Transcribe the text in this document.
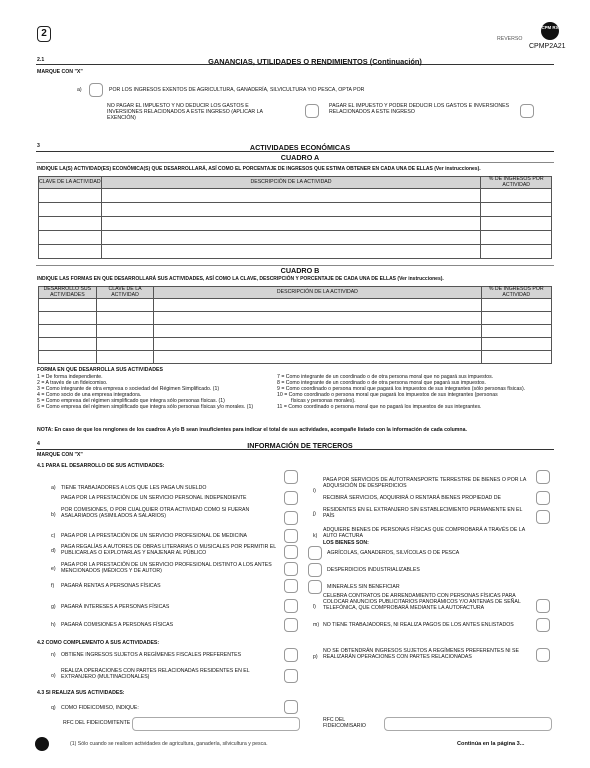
2	REVERSO
CPMP2A21
CPM RX
2.1	GANANCIAS, UTILIDADES O RENDIMIENTOS (Continuación)
MARQUE CON "X"
a)	POR LOS INGRESOS EXENTOS DE AGRICULTURA, GANADERÍA, SILVICULTURA Y/O PESCA, OPTA POR
NO PAGAR EL IMPUESTO Y NO DEDUCIR LOS GASTOS E INVERSIONES RELACIONADOS A ESTE INGRESO (APLICAR LA EXENCIÓN)
PAGAR EL IMPUESTO Y PODER DEDUCIR LOS GASTOS E INVERSIONES RELACIONADOS A ESTE INGRESO
3	ACTIVIDADES ECONÓMICAS
CUADRO A
INDIQUE LA(S) ACTIVIDAD(ES) ECONÓMICA(S) QUE DESARROLLARÁ, ASÍ COMO EL PORCENTAJE DE INGRESOS QUE ESTIMA OBTENER EN CADA UNA DE ELLAS (Ver instrucciones).
CLAVE DE LA ACTIVIDAD	DESCRIPCIÓN DE LA ACTIVIDAD	% DE INGRESOS POR ACTIVIDAD

CUADRO B
INDIQUE LAS FORMAS EN QUE DESARROLLARÁ SUS ACTIVIDADES, ASÍ COMO LA CLAVE, DESCRIPCIÓN Y PORCENTAJE DE CADA UNA DE ELLAS (Ver instrucciones).
DESARROLLO SUS ACTIVIDADES	CLAVE DE LA ACTIVIDAD	DESCRIPCIÓN DE LA ACTIVIDAD	% DE INGRESOS POR ACTIVIDAD

FORMA EN QUE DESARROLLA SUS ACTIVIDADES
1 = De forma independiente.
2 = A través de un fideicomiso.
3 = Como integrante de otra empresa o sociedad del Régimen Simplificado. (1)
4 = Como socio de una empresa integradora.
5 = Como empresa del régimen simplificado que integra sólo personas físicas. (1)
6 = Como empresa del régimen simplificado que integra sólo personas físicas y/o morales. (1)
7 = Como integrante de un coordinado o de otra persona moral que no pagará sus impuestos.
8 = Como integrante de un coordinado o de otra persona moral que pagará sus impuestos.
9 = Como coordinado o persona moral que pagará los impuestos de sus integrantes (sólo personas físicas).
10 = Como coordinado o persona moral que pagará los impuestos de sus integrantes (personas
físicas y personas morales).
11 = Como coordinado o persona moral que no pagará los impuestos de sus integrantes.
NOTA: En caso de que los renglones de los cuadros A y/o B sean insuficientes para indicar el total de sus actividades, acompañe listado con la información de cada columna.
4	INFORMACIÓN DE TERCEROS
MARQUE CON "X"
4.1 PARA EL DESARROLLO DE SUS ACTIVIDADES:
a) TIENE TRABAJADORES A LOS QUE LES PAGA UN SUELDO
PAGA POR LA PRESTACIÓN DE UN SERVICIO PERSONAL INDEPENDIENTE
b)
POR COMISIONES, O POR CUALQUIER OTRA ACTIVIDAD COMO SI FUERAN ASALARIADOS (ASIMILADOS A SALARIOS)
c) PAGA POR LA PRESTACIÓN DE UN SERVICIO PROFESIONAL DE MEDICINA
d)
PAGA REGALÍAS A AUTORES DE OBRAS LITERARIAS O MUSICALES POR PERMITIR EL PUBLICARLAS O EXPLOTARLAS Y ENAJENAR AL PÚBLICO
e)
PAGA POR LA PRESTACIÓN DE UN SERVICIO PROFESIONAL DISTINTO A LOS ANTES MENCIONADOS (MÉDICOS Y DE AUTOR)
f) PAGARÁ RENTAS A PERSONAS FÍSICAS
g) PAGARÁ INTERESES A PERSONAS FÍSICAS
h) PAGARÁ COMISIONES A PERSONAS FÍSICAS
i)
PAGA POR SERVICIOS DE AUTOTRANSPORTE TERRESTRE DE BIENES O POR LA ADQUISICIÓN DE DESPERDICIOS
RECIBIRÁ SERVICIOS, ADQUIRIRÁ O RENTARÁ BIENES PROPIEDAD DE
j)
RESIDENTES EN EL EXTRANJERO SIN ESTABLECIMIENTO PERMANENTE EN EL PAÍS
k)
ADQUIERE BIENES DE PERSONAS FÍSICAS QUE COMPROBARÁ A TRAVÉS DE LA AUTO FACTURA
LOS BIENES SON:
AGRÍCOLAS, GANADEROS, SILVÍCOLAS O DE PESCA
DESPERDICIOS INDUSTRIALIZABLES
MINERALES SIN BENEFICIAR
l)
CELEBRA CONTRATOS DE ARRENDAMIENTO CON PERSONAS FÍSICAS PARA COLOCAR ANUNCIOS PUBLICITARIOS PANORÁMICOS Y/O ANTENAS DE SEÑAL TELEFÓNICA, QUE COMPROBARÁ MEDIANTE LA AUTOFACTURA
m) NO TIENE TRABAJADORES, NI REALIZA PAGOS DE LOS ANTES ENLISTADOS
4.2 COMO COMPLEMENTO A SUS ACTIVIDADES:
n) OBTIENE INGRESOS SUJETOS A REGÍMENES FISCALES PREFERENTES
o)
REALIZA OPERACIONES CON PARTES RELACIONADAS RESIDENTES EN EL EXTRANJERO (MULTINACIONALES)
p)
NO SE OBTENDRÁN INGRESOS SUJETOS A REGÍMENES PREFERENTES NI SE REALIZARÁN OPERACIONES CON PARTES RELACIONADAS
4.3 SI REALIZA SUS ACTIVIDADES:
q) COMO FIDEICOMISO, INDIQUE:
RFC DEL FIDEICOMITENTE	RFC DEL FIDEICOMISARIO
(1) Sólo cuando se realicen actividades de agricultura, ganadería, silvicultura y pesca.	Continúa en la página 3...
